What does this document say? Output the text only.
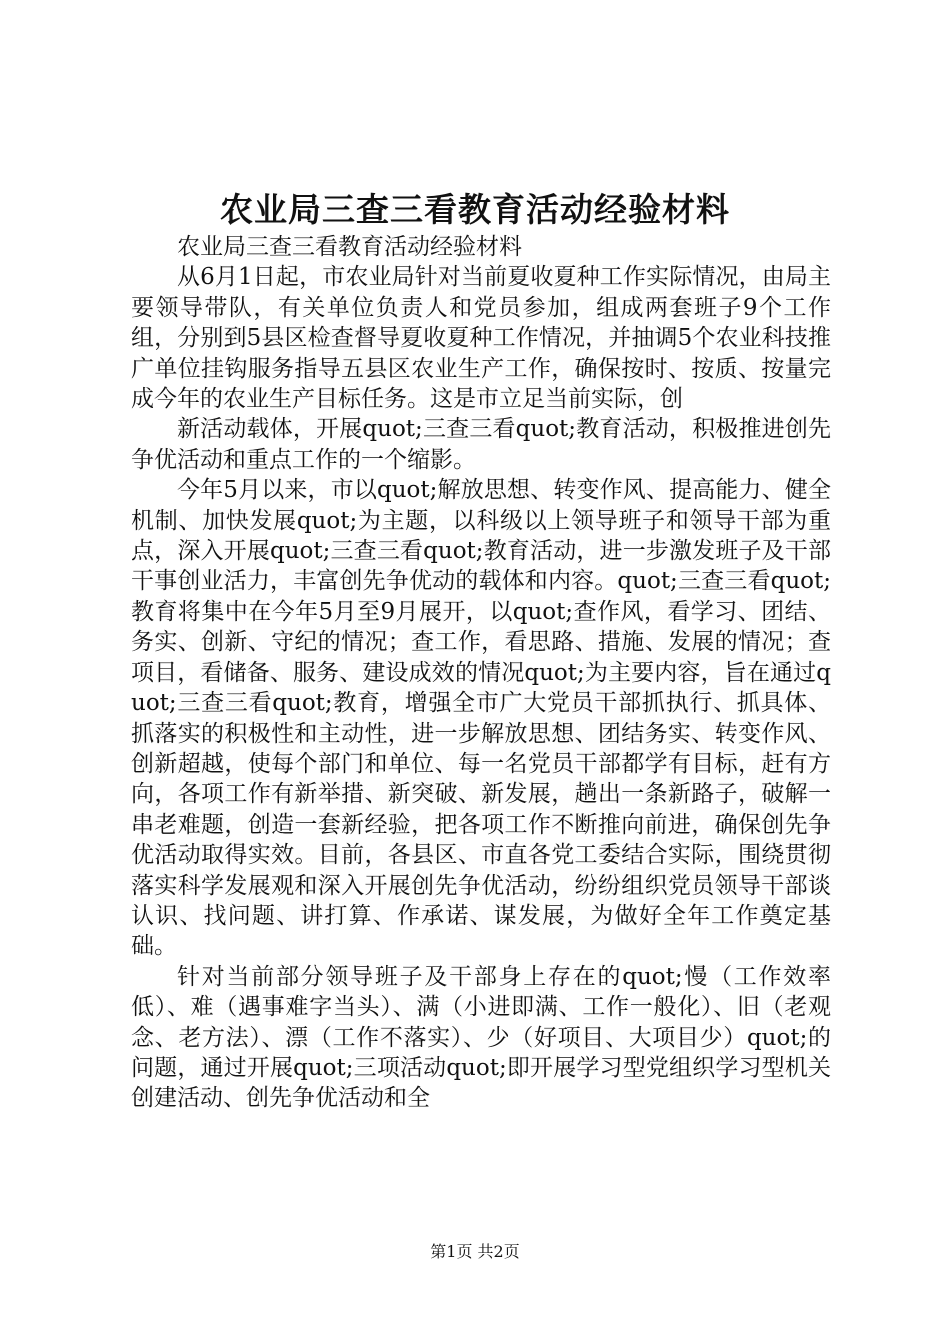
农业局三查三看教育活动经验材料

农业局三查三看教育活动经验材料

从6月1日起，市农业局针对当前夏收夏种工作实际情况，由局主要领导带队，有关单位负责人和党员参加，组成两套班子9个工作组，分别到5县区检查督导夏收夏种工作情况，并抽调5个农业科技推广单位挂钩服务指导五县区农业生产工作，确保按时、按质、按量完成今年的农业生产目标任务。这是市立足当前实际，创

新活动载体，开展quot;三查三看quot;教育活动，积极推进创先争优活动和重点工作的一个缩影。

今年5月以来，市以quot;解放思想、转变作风、提高能力、健全机制、加快发展quot;为主题，以科级以上领导班子和领导干部为重点，深入开展quot;三查三看quot;教育活动，进一步激发班子及干部干事创业活力，丰富创先争优动的载体和内容。quot;三查三看quot;教育将集中在今年5月至9月展开，以quot;查作风，看学习、团结、务实、创新、守纪的情况；查工作，看思路、措施、发展的情况；查项目，看储备、服务、建设成效的情况quot;为主要内容，旨在通过quot;三查三看quot;教育，增强全市广大党员干部抓执行、抓具体、抓落实的积极性和主动性，进一步解放思想、团结务实、转变作风、创新超越，使每个部门和单位、每一名党员干部都学有目标，赶有方向，各项工作有新举措、新突破、新发展，趟出一条新路子，破解一串老难题，创造一套新经验，把各项工作不断推向前进，确保创先争优活动取得实效。目前，各县区、市直各党工委结合实际，围绕贯彻落实科学发展观和深入开展创先争优活动，纷纷组织党员领导干部谈认识、找问题、讲打算、作承诺、谋发展，为做好全年工作奠定基础。

针对当前部分领导班子及干部身上存在的quot;慢（工作效率低）、难（遇事难字当头）、满（小进即满、工作一般化）、旧（老观念、老方法）、漂（工作不落实）、少（好项目、大项目少）quot;的问题，通过开展quot;三项活动quot;即开展学习型党组织学习型机关创建活动、创先争优活动和全

第1页 共2页
